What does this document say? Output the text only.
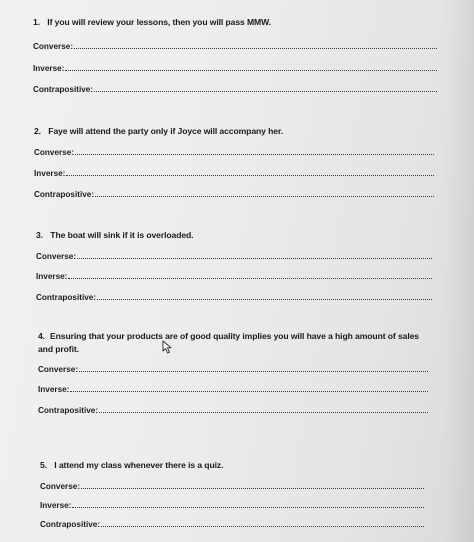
1. If you will review your lessons, then you will pass MMW.
Converse:
Inverse:
Contrapositive:
2. Faye will attend the party only if Joyce will accompany her.
Converse:
Inverse:
Contrapositive:
3. The boat will sink if it is overloaded.
Converse:
Inverse:
Contrapositive:
4. Ensuring that your products are of good quality implies you will have a high amount of sales
and profit.
Converse:
Inverse:
Contrapositive:
5. I attend my class whenever there is a quiz.
Converse:
Inverse:
Contrapositive:
